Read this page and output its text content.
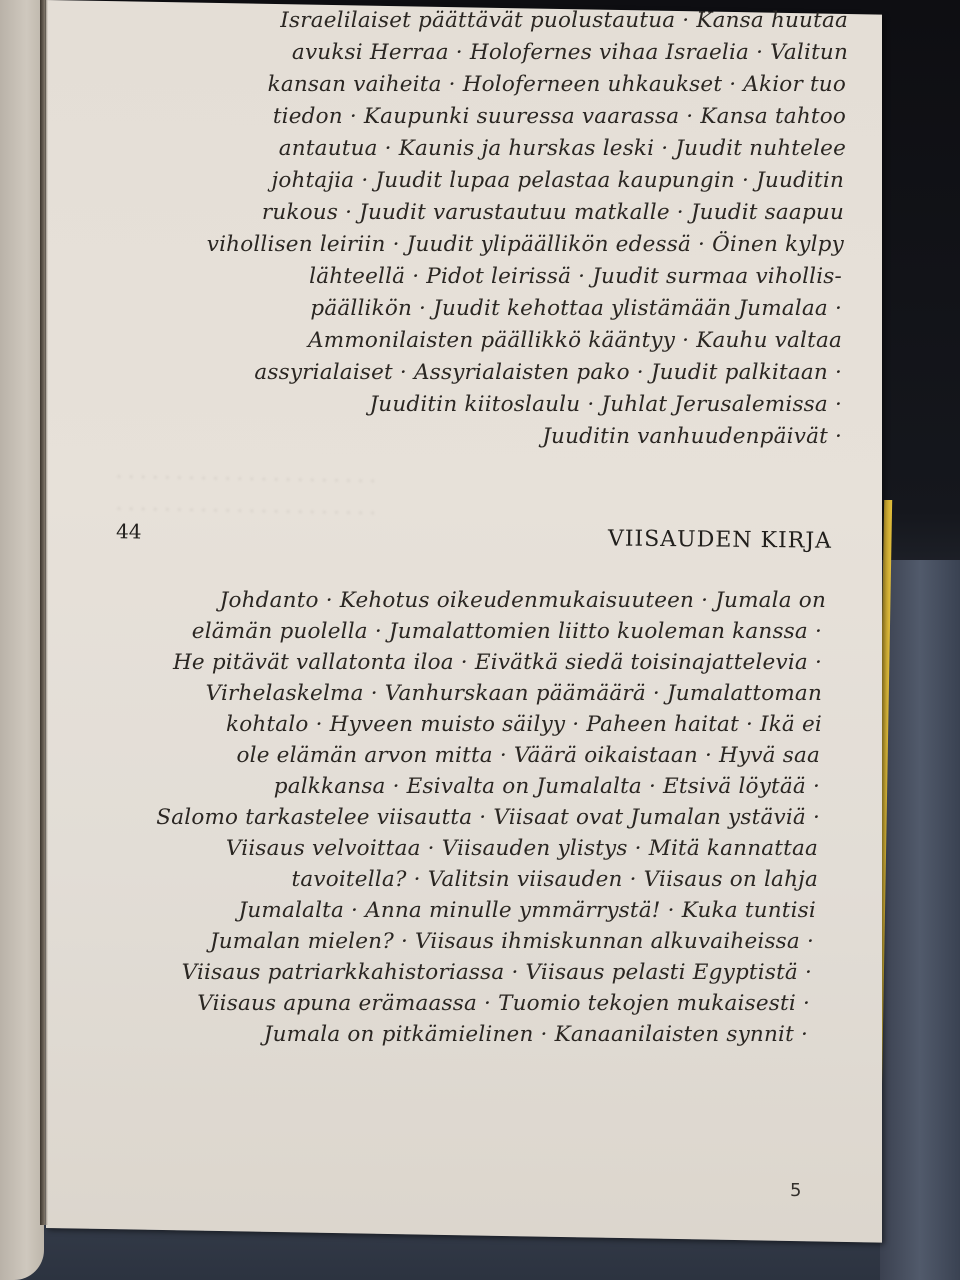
· · · · · · · · · · · · · · · · · · · · · ·
· · · · · · · · · · · · · · · · · · · · · ·
Israelilaiset päättävät puolustautua · Kansa huutaa
avuksi Herraa · Holofernes vihaa Israelia · Valitun
kansan vaiheita · Holoferneen uhkaukset · Akior tuo
tiedon · Kaupunki suuressa vaarassa · Kansa tahtoo
antautua · Kaunis ja hurskas leski · Juudit nuhtelee
johtajia · Juudit lupaa pelastaa kaupungin · Juuditin
rukous · Juudit varustautuu matkalle · Juudit saapuu
vihollisen leiriin · Juudit ylipäällikön edessä · Öinen kylpy
lähteellä · Pidot leirissä · Juudit surmaa vihollis-
päällikön · Juudit kehottaa ylistämään Jumalaa ·
Ammonilaisten päällikkö kääntyy · Kauhu valtaa
assyrialaiset · Assyrialaisten pako · Juudit palkitaan ·
Juuditin kiitoslaulu · Juhlat Jerusalemissa ·
Juuditin vanhuudenpäivät ·
44	VIISAUDEN KIRJA
Johdanto · Kehotus oikeudenmukaisuuteen · Jumala on
elämän puolella · Jumalattomien liitto kuoleman kanssa ·
He pitävät vallatonta iloa · Eivätkä siedä toisinajattelevia ·
Virhelaskelma · Vanhurskaan päämäärä · Jumalattoman
kohtalo · Hyveen muisto säilyy · Paheen haitat · Ikä ei
ole elämän arvon mitta · Väärä oikaistaan · Hyvä saa
palkkansa · Esivalta on Jumalalta · Etsivä löytää ·
Salomo tarkastelee viisautta · Viisaat ovat Jumalan ystäviä ·
Viisaus velvoittaa · Viisauden ylistys · Mitä kannattaa
tavoitella? · Valitsin viisauden · Viisaus on lahja
Jumalalta · Anna minulle ymmärrystä! · Kuka tuntisi
Jumalan mielen? · Viisaus ihmiskunnan alkuvaiheissa ·
Viisaus patriarkkahistoriassa · Viisaus pelasti Egyptistä ·
Viisaus apuna erämaassa · Tuomio tekojen mukaisesti ·
Jumala on pitkämielinen · Kanaanilaisten synnit ·
5
